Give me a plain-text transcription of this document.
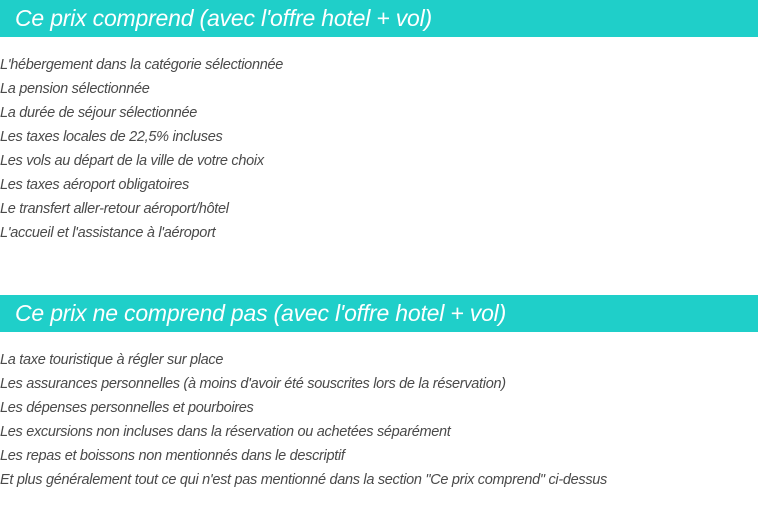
Ce prix comprend (avec l'offre hotel + vol)
L'hébergement dans la catégorie sélectionnée
La pension sélectionnée
La durée de séjour sélectionnée
Les taxes locales de 22,5% incluses
Les vols au départ de la ville de votre choix
Les taxes aéroport obligatoires
Le transfert aller-retour aéroport/hôtel
L'accueil et l'assistance à l'aéroport
Ce prix ne comprend pas (avec l'offre hotel + vol)
La taxe touristique à régler sur place
Les assurances personnelles (à moins d'avoir été souscrites lors de la réservation)
Les dépenses personnelles et pourboires
Les excursions non incluses dans la réservation ou achetées séparément
Les repas et boissons non mentionnés dans le descriptif
Et plus généralement tout ce qui n'est pas mentionné dans la section "Ce prix comprend" ci-dessus
